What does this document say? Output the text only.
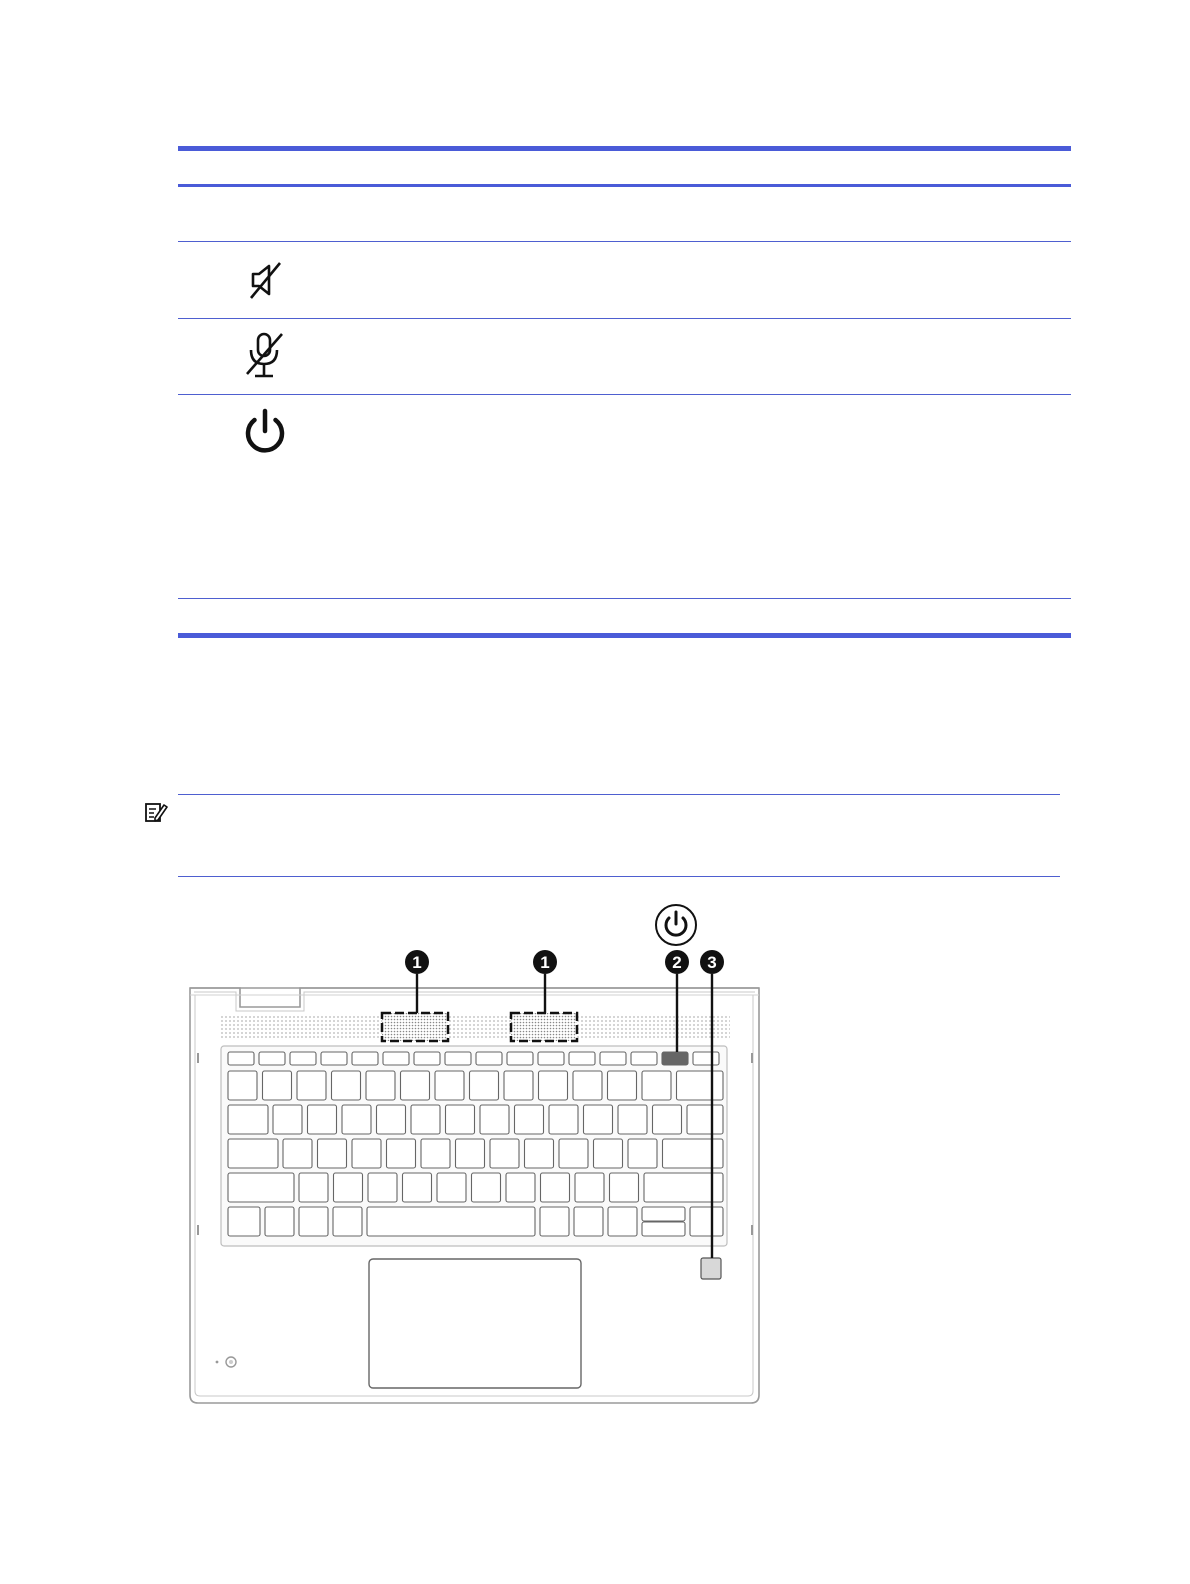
1	1	2 3
